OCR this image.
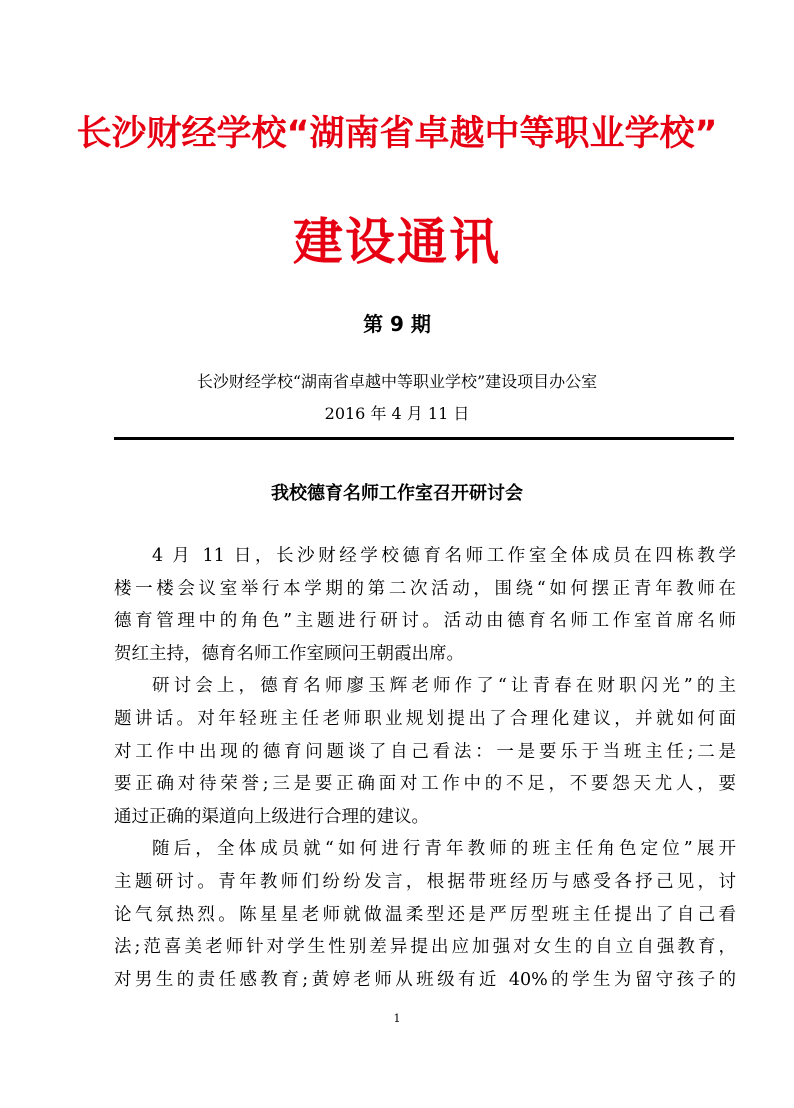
长沙财经学校“湖南省卓越中等职业学校”
建设通讯
第 9 期
长沙财经学校“湖南省卓越中等职业学校”建设项目办公室
2016 年 4 月 11 日
我校德育名师工作室召开研讨会
4 月 11 日，长沙财经学校德育名师工作室全体成员在四栋教学
楼一楼会议室举行本学期的第二次活动，围绕“如何摆正青年教师在
德育管理中的角色”主题进行研讨。活动由德育名师工作室首席名师
贺红主持，德育名师工作室顾问王朝霞出席。
研讨会上，德育名师廖玉辉老师作了“让青春在财职闪光”的主
题讲话。对年轻班主任老师职业规划提出了合理化建议，并就如何面
对工作中出现的德育问题谈了自己看法：一是要乐于当班主任;二是
要正确对待荣誉;三是要正确面对工作中的不足，不要怨天尤人，要
通过正确的渠道向上级进行合理的建议。
随后，全体成员就“如何进行青年教师的班主任角色定位”展开
主题研讨。青年教师们纷纷发言，根据带班经历与感受各抒己见，讨
论气氛热烈。陈星星老师就做温柔型还是严厉型班主任提出了自己看
法;范喜美老师针对学生性别差异提出应加强对女生的自立自强教育，
对男生的责任感教育;黄婷老师从班级有近 40%的学生为留守孩子的
1
